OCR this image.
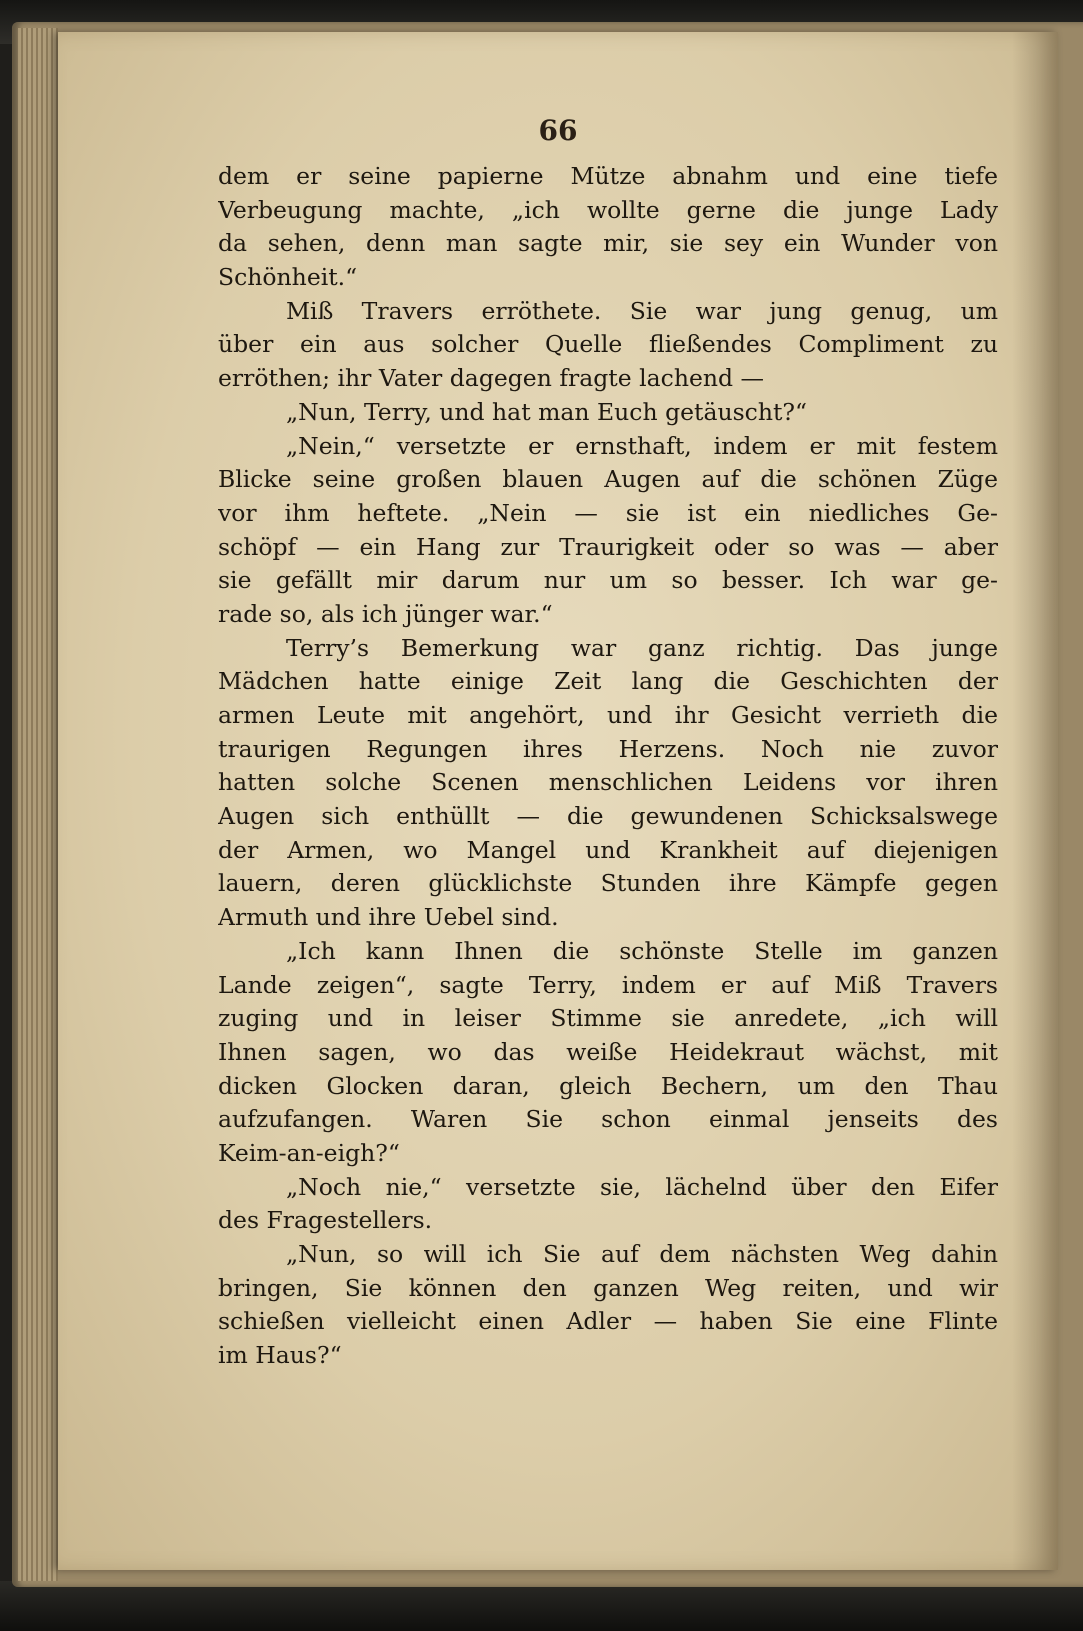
66
dem er seine papierne Mütze abnahm und eine tiefe
Verbeugung machte, „ich wollte gerne die junge Lady
da sehen, denn man sagte mir, sie sey ein Wunder von
Schönheit.“
Miß Travers erröthete. Sie war jung genug, um
über ein aus solcher Quelle fließendes Compliment zu
erröthen; ihr Vater dagegen fragte lachend —
„Nun, Terry, und hat man Euch getäuscht?“
„Nein,“ versetzte er ernsthaft, indem er mit festem
Blicke seine großen blauen Augen auf die schönen Züge
vor ihm heftete. „Nein — sie ist ein niedliches Ge-
schöpf — ein Hang zur Traurigkeit oder so was — aber
sie gefällt mir darum nur um so besser. Ich war ge-
rade so, als ich jünger war.“
Terry’s Bemerkung war ganz richtig. Das junge
Mädchen hatte einige Zeit lang die Geschichten der
armen Leute mit angehört, und ihr Gesicht verrieth die
traurigen Regungen ihres Herzens. Noch nie zuvor
hatten solche Scenen menschlichen Leidens vor ihren
Augen sich enthüllt — die gewundenen Schicksalswege
der Armen, wo Mangel und Krankheit auf diejenigen
lauern, deren glücklichste Stunden ihre Kämpfe gegen
Armuth und ihre Uebel sind.
„Ich kann Ihnen die schönste Stelle im ganzen
Lande zeigen“, sagte Terry, indem er auf Miß Travers
zuging und in leiser Stimme sie anredete, „ich will
Ihnen sagen, wo das weiße Heidekraut wächst, mit
dicken Glocken daran, gleich Bechern, um den Thau
aufzufangen. Waren Sie schon einmal jenseits des
Keim-an-eigh?“
„Noch nie,“ versetzte sie, lächelnd über den Eifer
des Fragestellers.
„Nun, so will ich Sie auf dem nächsten Weg dahin
bringen, Sie können den ganzen Weg reiten, und wir
schießen vielleicht einen Adler — haben Sie eine Flinte
im Haus?“
